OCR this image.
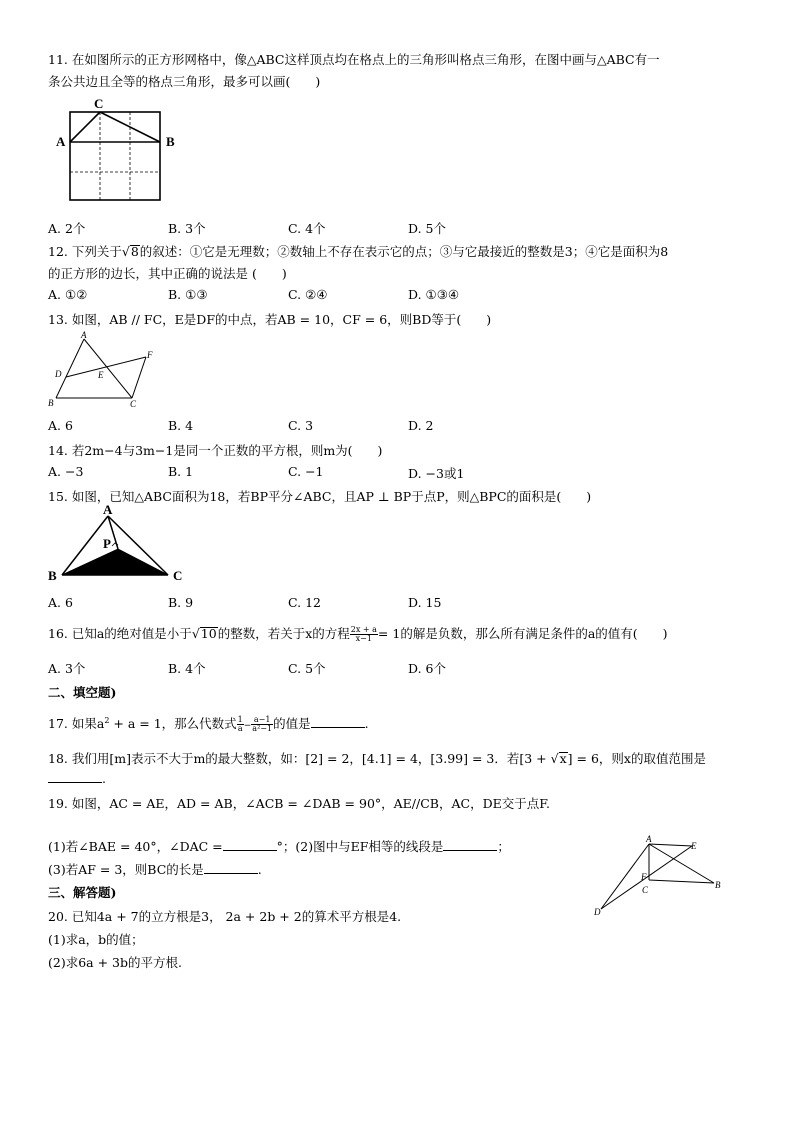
11. 在如图所示的正方形网格中，像△ABC这样顶点均在格点上的三角形叫格点三角形，在图中画与△ABC有一
条公共边且全等的格点三角形，最多可以画(　　)
A	B
C
A. 2个	B. 3个	C. 4个	D. 5个
12. 下列关于√8的叙述：①它是无理数；②数轴上不存在表示它的点；③与它最接近的整数是3；④它是面积为8
的正方形的边长，其中正确的说法是 (　　)
A. ①②	B. ①③	C. ②④	D. ①③④
13. 如图，AB // FC，E是DF的中点，若AB = 10，CF = 6，则BD等于(　　)
A
B	C
D	E
F
A. 6	B. 4	C. 3	D. 2
14. 若2m−4与3m−1是同一个正数的平方根，则m为(　　)
A. −3	B. 1	C. −1	D. −3或1
15. 如图，已知△ABC面积为18，若BP平分∠ABC，且AP ⊥ BP于点P，则△BPC的面积是(　　)
A
B	C
P
A. 6	B. 9	C. 12	D. 15
16. 已知a的绝对值是小于√10的整数，若关于x的方程 $\frac{2x + a}{x-1} = 1$的解是负数，那么所有满足条件的a的值有(　　)
A. 3个	B. 4个	C. 5个	D. 6个
二、填空题)
17. 如果$a^2 + a = 1$，那么代数式 $\frac{1}{a} - \frac{a-1}{\text{a²−1}}$ 的值是	.
18. 我们用[m]表示不大于m的最大整数，如：[2] = 2，[4.1] = 4，[3.99] = 3．若[3 + √x] = 6，则x的取值范围是
.
19. 如图，AC = AE，AD = AB，∠ACB = ∠DAB = 90°，AE//CB，AC，DE交于点F.
(1)若∠BAE = 40°，∠DAC =	°；(2)图中与EF相等的线段是	；
(3)若AF = 3，则BC的长是	.
A
B
C
D
E
F
三、解答题)
20. 已知4a + 7的立方根是3， 2a + 2b + 2的算术平方根是4.
(1)求a，b的值；
(2)求6a + 3b的平方根.
